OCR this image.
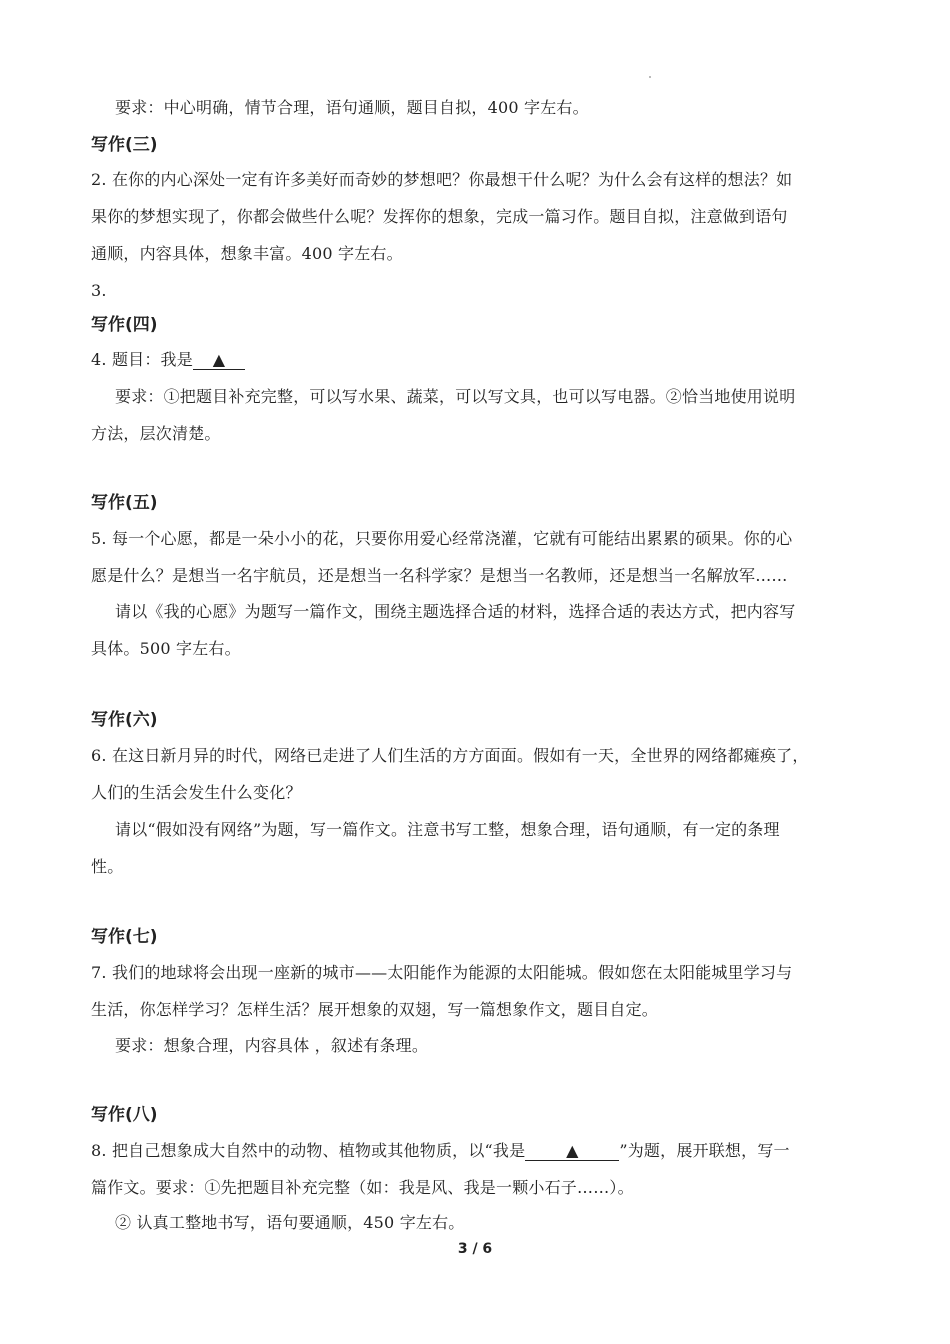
要求：中心明确，情节合理，语句通顺，题目自拟，400 字左右。
写作(三)
2. 在你的内心深处一定有许多美好而奇妙的梦想吧？你最想干什么呢？为什么会有这样的想法？如
果你的梦想实现了，你都会做些什么呢？发挥你的想象，完成一篇习作。题目自拟，注意做到语句
通顺，内容具体，想象丰富。400 字左右。
3.
写作(四)
4. 题目：我是 ▲
要求：①把题目补充完整，可以写水果、蔬菜，可以写文具，也可以写电器。②恰当地使用说明
方法，层次清楚。
写作(五)
5. 每一个心愿，都是一朵小小的花，只要你用爱心经常浇灌，它就有可能结出累累的硕果。你的心
愿是什么？是想当一名宇航员，还是想当一名科学家？是想当一名教师，还是想当一名解放军……
请以《我的心愿》为题写一篇作文，围绕主题选择合适的材料，选择合适的表达方式，把内容写
具体。500 字左右。
写作(六)
6. 在这日新月异的时代，网络已走进了人们生活的方方面面。假如有一天，全世界的网络都瘫痪了，
人们的生活会发生什么变化？
请以“假如没有网络”为题，写一篇作文。注意书写工整，想象合理，语句通顺，有一定的条理
性。
写作(七)
7. 我们的地球将会出现一座新的城市——太阳能作为能源的太阳能城。假如您在太阳能城里学习与
生活，你怎样学习？怎样生活？展开想象的双翅，写一篇想象作文，题目自定。
要求：想象合理，内容具体 ，叙述有条理。
写作(八)
8. 把自己想象成大自然中的动物、植物或其他物质，以“我是	▲	”为题，展开联想，写一
篇作文。要求：①先把题目补充完整（如：我是风、我是一颗小石子……）。
② 认真工整地书写，语句要通顺，450 字左右。
3 / 6
